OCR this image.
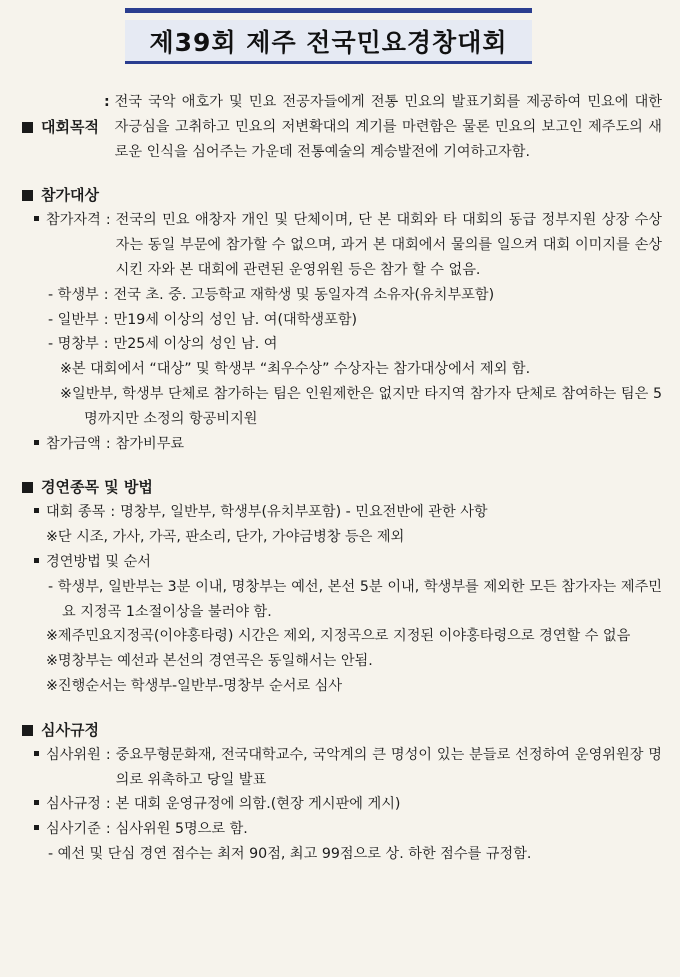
제39회 제주 전국민요경창대회
대회목적
: 전국 국악 애호가 및 민요 전공자들에게 전통 민요의 발표기회를 제공하여 민요에 대한 자긍심을 고취하고 민요의 저변확대의 계기를 마련함은 물론 민요의 보고인 제주도의 새로운 인식을 심어주는 가운데 전통예술의 계승발전에 기여하고자함.
참가대상
참가자격 : 전국의 민요 애창자 개인 및 단체이며, 단 본 대회와 타 대회의 동급 정부지원 상장 수상자는 동일 부문에 참가할 수 없으며, 과거 본 대회에서 물의를 일으켜 대회 이미지를 손상시킨 자와 본 대회에 관련된 운영위원 등은 참가 할 수 없음.
- 학생부 : 전국 초. 중. 고등학교 재학생 및 동일자격 소유자(유치부포함)
- 일반부 : 만19세 이상의 성인 남. 여(대학생포함)
- 명창부 : 만25세 이상의 성인 남. 여
※본 대회에서 “대상” 및 학생부 “최우수상” 수상자는 참가대상에서 제외 함.
※일반부, 학생부 단체로 참가하는 팀은 인원제한은 없지만 타지역 참가자 단체로 참여하는 팀은 5명까지만 소정의 항공비지원
참가금액 : 참가비무료
경연종목 및 방법
대회 종목 : 명창부, 일반부, 학생부(유치부포함) - 민요전반에 관한 사항
※단 시조, 가사, 가곡, 판소리, 단가, 가야금병창 등은 제외
경연방법 및 순서
- 학생부, 일반부는 3분 이내, 명창부는 예선, 본선 5분 이내, 학생부를 제외한 모든 참가자는 제주민요 지정곡 1소절이상을 불러야 함.
※제주민요지정곡(이야홍타령) 시간은 제외, 지정곡으로 지정된 이야홍타령으로 경연할 수 없음
※명창부는 예선과 본선의 경연곡은 동일해서는 안됨.
※진행순서는 학생부-일반부-명창부 순서로 심사
심사규정
심사위원 : 중요무형문화재, 전국대학교수, 국악계의 큰 명성이 있는 분들로 선정하여 운영위원장 명의로 위촉하고 당일 발표
심사규정 : 본 대회 운영규정에 의함.(현장 게시판에 게시)
심사기준 : 심사위원 5명으로 함.
- 예선 및 단심 경연 점수는 최저 90점, 최고 99점으로 상. 하한 점수를 규정함.
